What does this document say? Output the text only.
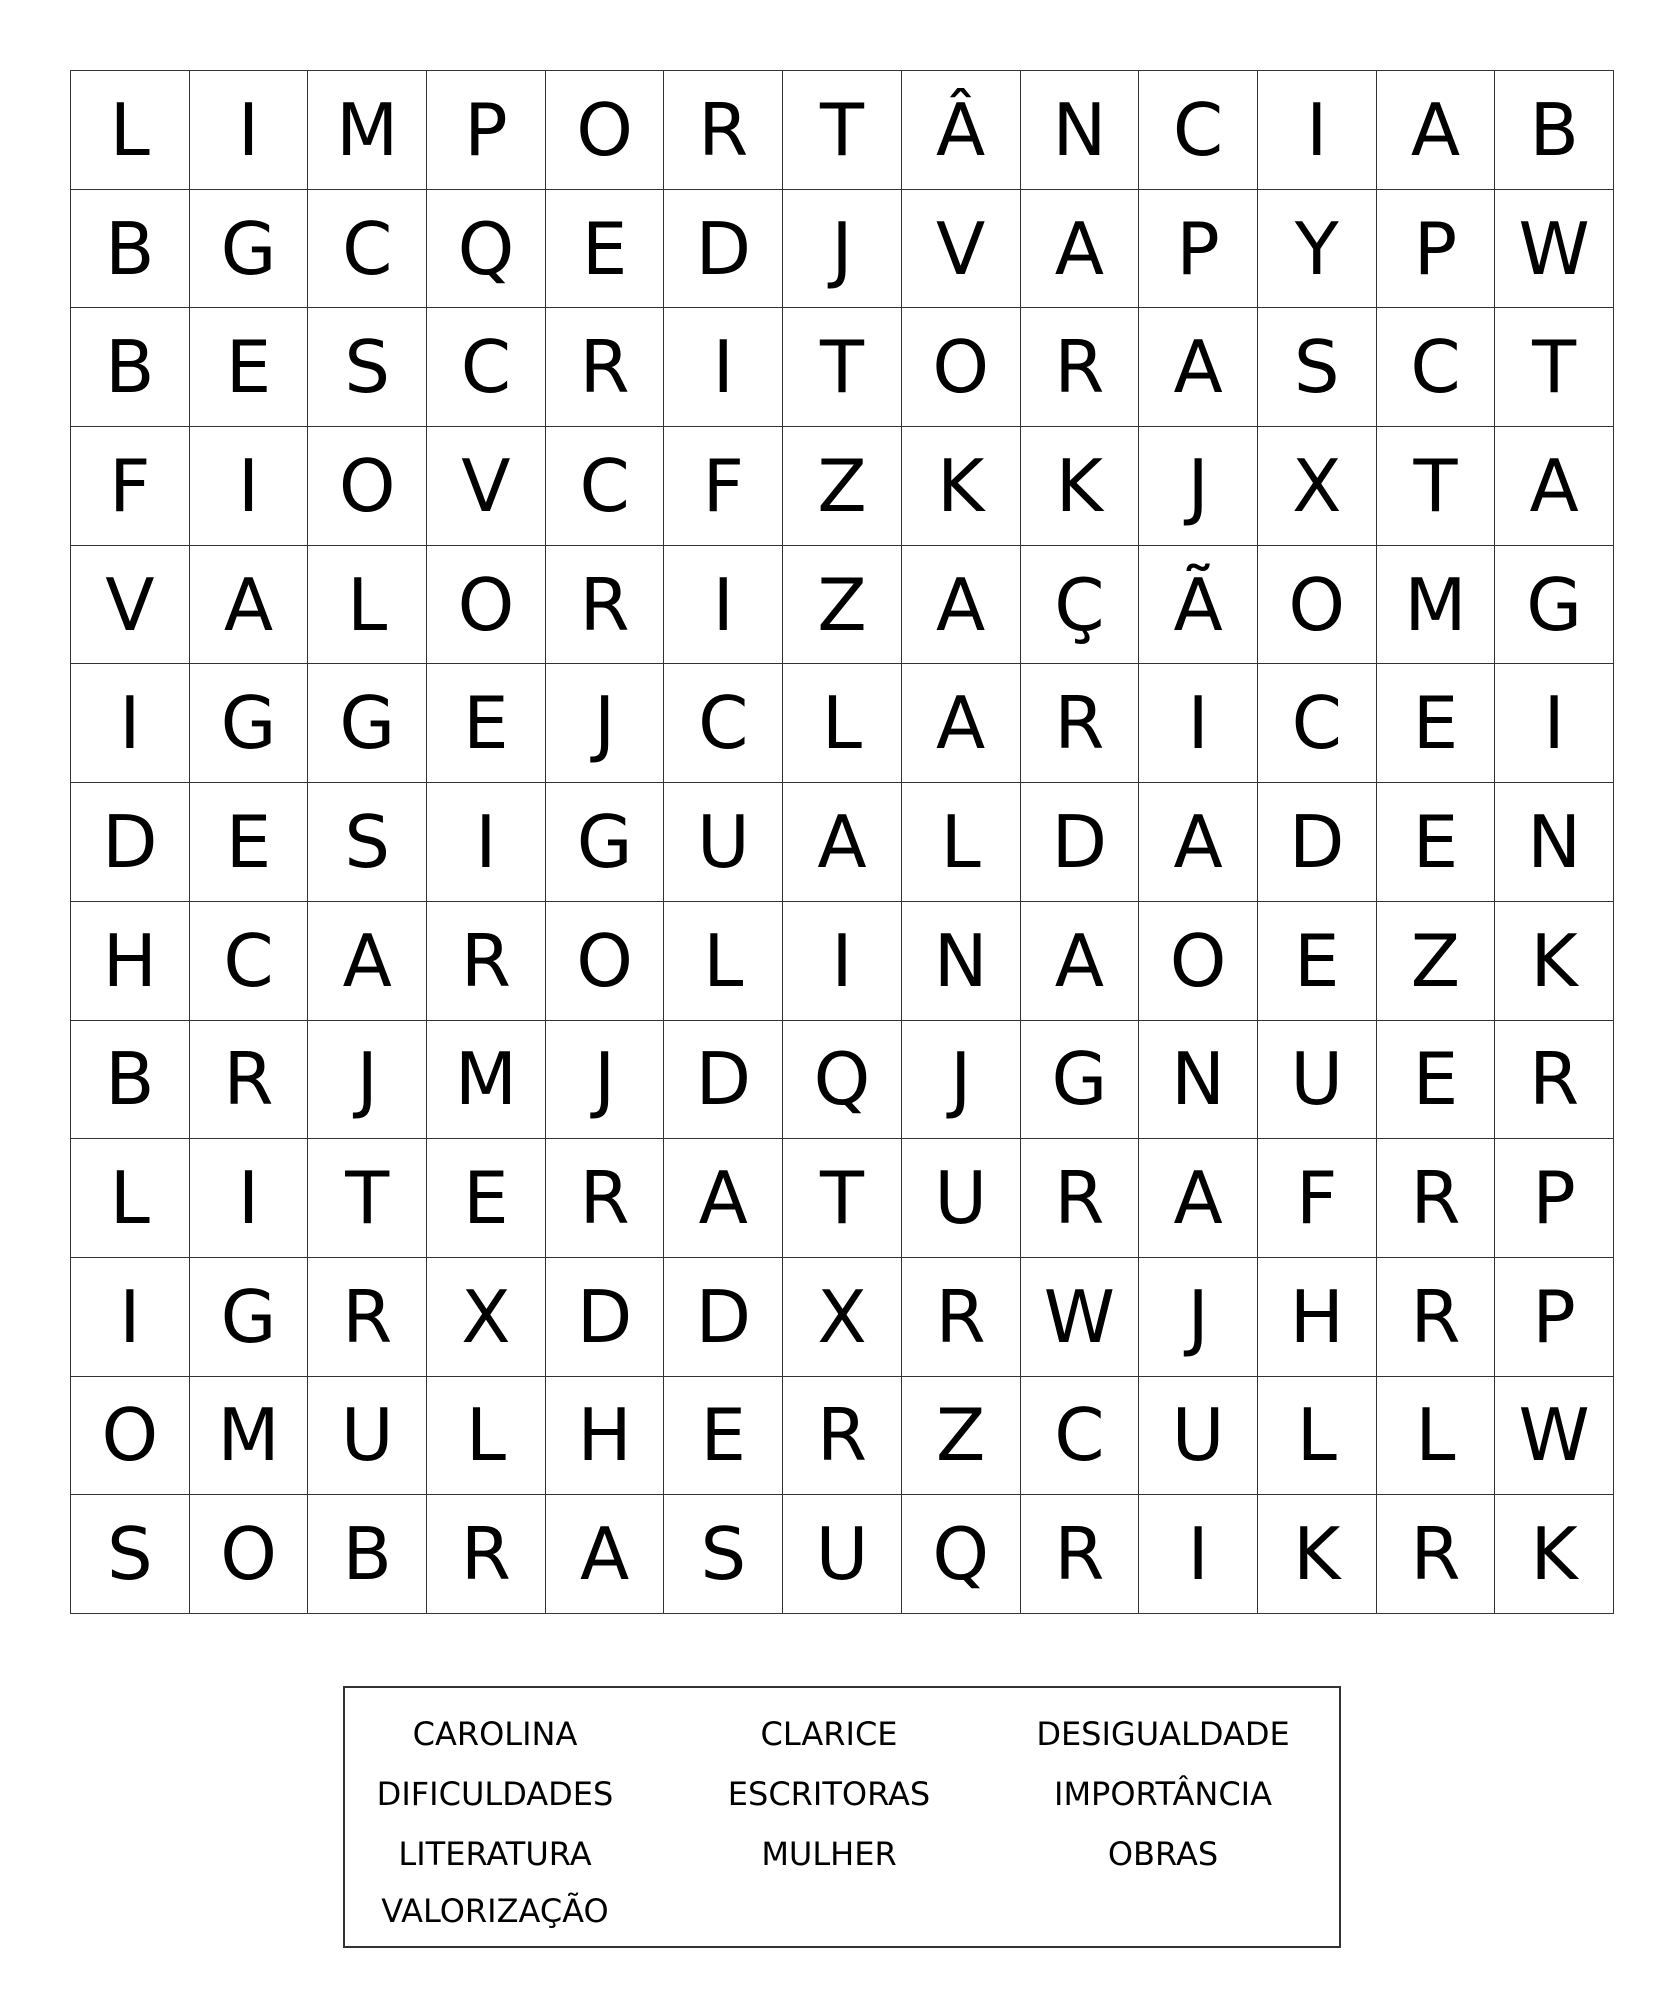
L	I	M P O R T	Â N C	I	A B
B G C Q E D	J	V A	P	Y	P W
B E	S C R	I	T O R A S C T
F	I	O V C	F	Z K K	J	X	T	A
V A	L O R	I	Z A Ç Ã O M G
I	G G E	J	C	L	A R	I	C E	I
D E	S	I	G U A	L D A D E N
H C A R O L	I	N A O E Z K
B R	J	M	J	D Q	J	G N U E R
L	I	T	E R A	T U R A	F	R P
I	G R X D D X R W	J	H R P
O M U	L H E R Z C U	L	L W
S O B R A S U Q R	I	K R K
CAROLINA	CLARICE	DESIGUALDADE
DIFICULDADES	ESCRITORAS	IMPORTÂNCIA
LITERATURA	MULHER	OBRAS
VALORIZAÇÃO
